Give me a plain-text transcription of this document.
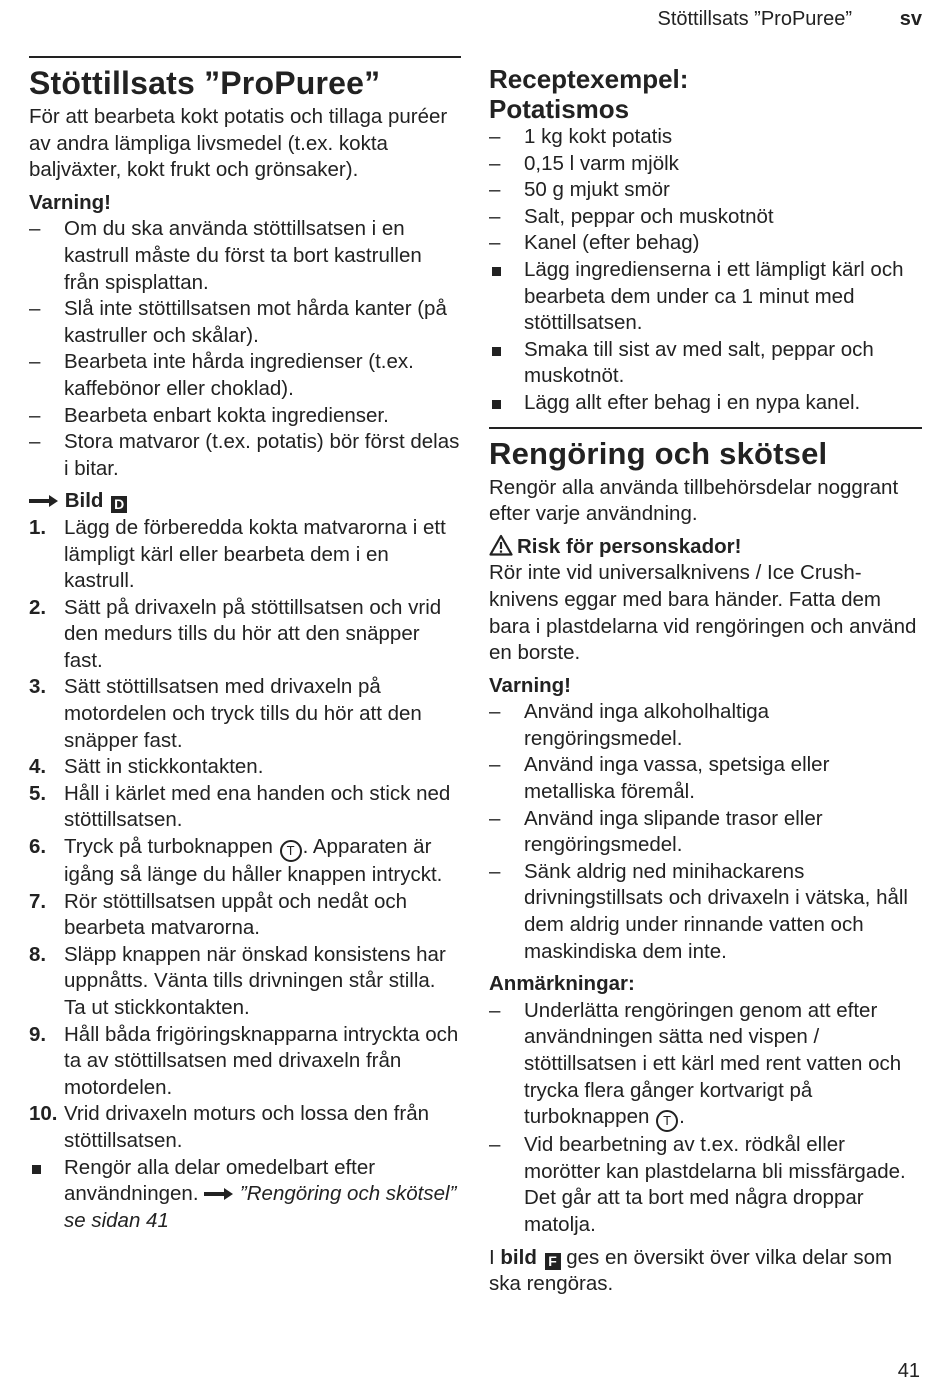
Stöttillsats ”ProPuree” sv
Stöttillsats ”ProPuree”

För att bearbeta kokt potatis och tillaga puréer av andra lämpliga livsmedel (t.ex. kokta baljväxter, kokt frukt och grönsaker).

Varning!
–	Om du ska använda stöttillsatsen i en kastrull måste du först ta bort kastrullen från spisplattan.
–	Slå inte stöttillsatsen mot hårda kanter (på kastruller och skålar).
–	Bearbeta inte hårda ingredienser (t.ex. kaffebönor eller choklad).
–	Bearbeta enbart kokta ingredienser.
–	Stora matvaror (t.ex. potatis) bör först delas i bitar.
Bild D
1. Lägg de förberedda kokta matvarorna i ett lämpligt kärl eller bearbeta dem i en kastrull.
2. Sätt på drivaxeln på stöttillsatsen och vrid den medurs tills du hör att den snäpper fast.
3. Sätt stöttillsatsen med drivaxeln på motordelen och tryck tills du hör att den snäpper fast.
4. Sätt in stickkontakten.
5. Håll i kärlet med ena handen och stick ned stöttillsatsen.
6. Tryck på turboknappen T . Apparaten är igång så länge du håller knappen intryckt.
7. Rör stöttillsatsen uppåt och nedåt och bearbeta matvarorna.
8. Släpp knappen när önskad konsistens har uppnåtts. Vänta tills drivningen står stilla. Ta ut stickkontakten.
9. Håll båda frigöringsknapparna intryckta och ta av stöttillsatsen med drivaxeln från motordelen.
10. Vrid drivaxeln moturs och lossa den från stöttillsatsen.
Rengör alla delar omedelbart efter användningen. ”Rengöring och skötsel” se sidan 41
Receptexempel:
Potatismos
–	1 kg kokt potatis
–	0,15 l varm mjölk
–	50 g mjukt smör
–	Salt, peppar och muskotnöt
–	Kanel (efter behag)
Lägg ingredienserna i ett lämpligt kärl och bearbeta dem under ca 1 minut med stöttillsatsen.
Smaka till sist av med salt, peppar och muskotnöt.
Lägg allt efter behag i en nypa kanel.
Rengöring och skötsel

Rengör alla använda tillbehörsdelar noggrant efter varje användning.

Risk för personskador!

Rör inte vid universalknivens / Ice Crush-knivens eggar med bara händer. Fatta dem bara i plastdelarna vid rengöringen och använd en borste.

Varning!
–	Använd inga alkoholhaltiga rengöringsmedel.
–	Använd inga vassa, spetsiga eller metalliska föremål.
–	Använd inga slipande trasor eller rengöringsmedel.
–	Sänk aldrig ned minihackarens drivningstillsats och drivaxeln i vätska, håll dem aldrig under rinnande vatten och maskindiska dem inte.
Anmärkningar:
–	Underlätta rengöringen genom att efter användningen sätta ned vispen / stöttillsatsen i ett kärl med rent vatten och trycka flera gånger kortvarigt på turboknappen T .
–	Vid bearbetning av t.ex. rödkål eller morötter kan plastdelarna bli missfärgade. Det går att ta bort med några droppar matolja.

I bild F ges en översikt över vilka delar som ska rengöras.

41
